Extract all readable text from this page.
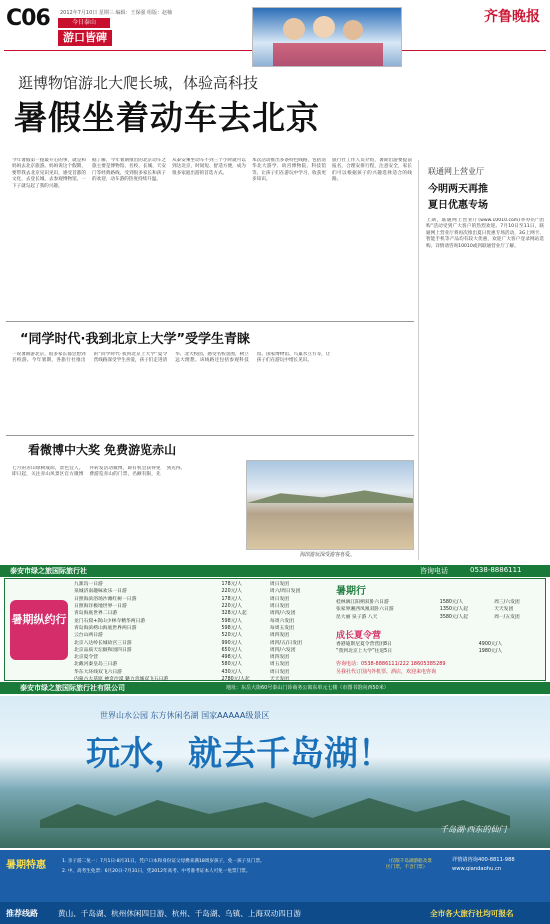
C06 2012年7月10日 星期三 编辑：王保强 组版：赵楠
今日泰山
游口皆碑
齐鲁晚报
逛博物馆游北大爬长城，体验高科技
暑假坐着动车去北京
今年暑假第一拨最开心的事，就是和妈妈去北京旅游。妈妈说这个假期，要带我去北京见识见识，感受首都的文化，去登长城，去参观博物馆，一下子就勾起了我的兴趣。
据了解，今年暑期推出的北京动车之旅主要是博物馆、名校、长城、天安门等经典路线，受到很多家长和孩子的欢迎，动车游的热度持续升温。
从泰安乘坐动车不到三个小时就可以到达北京，时间短、舒适方便，成为很多家庭出游的首选方式。
本次活动推出多条特色线路，包括清华北大游学、故宫博物院、科技馆等，让孩子们在游玩中学习，收获更多知识。
旅行社工作人员介绍，暑期出游要提前报名，合理安排行程，注意安全，家长们可以根据孩子的兴趣选择适合的线路。
联通网上营业厅
今明两天再推
夏日优惠专场
上期，联通网上营业厅(www.10010.com)举办的“团购”活动受到广大客户的热烈欢迎。7月10日至11日，联通网上营业厅将再次推出夏日优惠专场活动，3G上网卡、智能手机等产品均有较大优惠，欢迎广大客户登录网站选购。详情请咨询10010或到联通营业厅了解。
“同学时代·我到北京上大学”受学生青睐
一说暑期游北京，很多家长都会想到名校游。今年暑期，各旅行社推出的“同学时代·我到北京上大学”夏令营线路深受学生喜爱，孩子们走进清华、北大校园，感受名校氛围，树立远大理想。该线路还包括参观科技馆、国家博物馆、鸟巢水立方等，让孩子们在游玩中增长见识。
看微博中大奖 免费游览赤山
七月的赤山绿树成荫，景色宜人。即日起，关注赤山风景区官方微博并转发活动微博，即有机会获得免费游览赤山的门票，名额有限，先到先得。
海滨游玩深受游客喜爱。
泰安市绿之旅国际旅行社	咨询电话	0538-8886111
暑期纵约行
九寨沟一日游	178元/人	周日发团
泉城济南趣味欢乐一日游	220元/人	周六/周日发团
日照海滨浴场沙滩红树一日游	178元/人	周日发团
日照海洋极地世界一日游	220元/人	周日发团
青岛海底世界二日游	328元/人起	周四/六发团
龙门石窟+嵩山少林寺精华两日游	598元/人	每周六发团
青岛海滨崂山海底世界两日游	598元/人	每周五发团
云台山两日游	520元/人	周四发团
北京八达岭长城故宫三日游	990元/人	周四/五/日发团
北京品质天坛颐和园四日游	650元/人	周四/六发团
北京夏令营	498元/人	周四发团
北戴河秦皇岛三日游	580元/人	周五发团
华东大环线双飞六日游	430元/人	周日发团
内蒙古大草原 神奇沙漠 魅力青城双飞五日游	2780元/人起	天天发团
暑期行
桂林漓江阳朔双卧六日游	1580元/人	周三/六发团
张家界湘西凤凰双卧六日游	1350元/人起	天天发团
昆大丽 泉子游 八天	3580元/人起	周一/五发团
成长夏令营
香港迪斯尼夏令营营团8日	4900元/人
“我到北京上大学”往返5日	1980元/人
咨询电话：0538-8886111/222 18605385289
另我社代订国内外机票、酒店，欢迎来电咨询
泰安市绿之旅国际旅行社有限公司	地址：东岳大街60号泰山门诊商务公寓东单元七楼（市图书馆向西50米）
世界山水公园 东方休闲名湖 国家AAAAA级景区
玩水，就去千岛湖！
千岛湖·西东的仙门
暑期特惠	1. 亲子游二免一：7月1日-8月31日，凭户口本和身份证父母携来满18周岁孩子，免一孩子及门票。
2. 中、高考生免票：6月20日-7月31日，凭2012年高考、中考准考证本人可免一免票门票。
（仅限千岛湖游船及景区门票，不含门票）
详情请咨询400-8811-988
www.qiandaohu.cn
推荐线路	黄山、千岛湖、杭州休闲四日游、杭州、千岛湖、乌镇、上海双动四日游	全市各大旅行社均可报名
